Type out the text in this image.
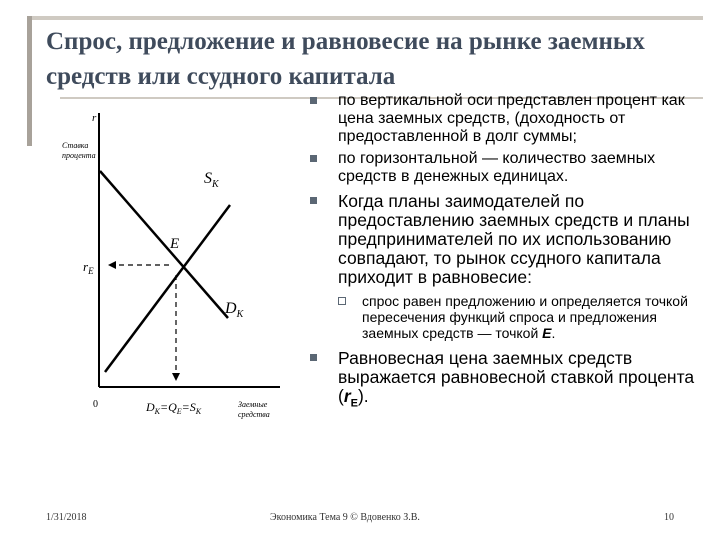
Спрос, предложение и равновесие на рынке заемных средств или ссудного капитала
r
Ставка
процента
0	Заемные
средства
$S_K$
$D_K$
E
$r_E$
$D_K=Q_E=S_K$
по вертикальной оси представлен процент как цена заемных средств, (доходность от предоставленной в долг суммы;
по горизонтальной — количество заемных средств в денежных единицах.
Когда планы заимодателей по предоставлению заемных средств и планы предпринимателей по их использованию совпадают, то рынок ссудного капитала приходит в равновесие:
спрос равен предложению и определяется точкой пересечения функций спроса и предложения заемных средств — точкой E.
Равновесная цена заемных средств выражается равновесной ставкой процента $(r_E)$.
1/31/2018	Экономика Тема 9 © Вдовенко З.В.	10
